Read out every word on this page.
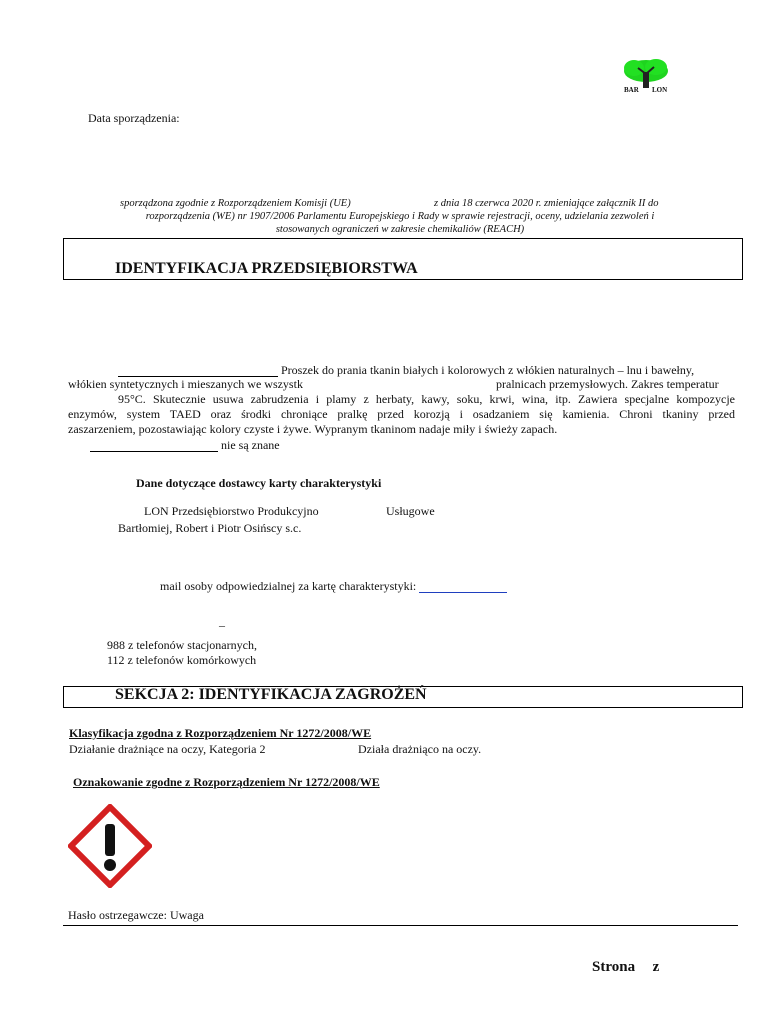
BAR LON
Data sporządzenia:
sporządzona zgodnie z Rozporządzeniem Komisji (UE)	z dnia 18 czerwca 2020 r. zmieniające załącznik II do
rozporządzenia (WE) nr 1907/2006 Parlamentu Europejskiego i Rady w sprawie rejestracji, oceny, udzielania zezwoleń i
stosowanych ograniczeń w zakresie chemikaliów (REACH)
IDENTYFIKACJA PRZEDSIĘBIORSTWA
Proszek do prania tkanin białych i kolorowych z włókien naturalnych – lnu i bawełny,
włókien syntetycznych i mieszanych we wszystk	pralnicach przemysłowych. Zakres temperatur
95°C. Skutecznie usuwa zabrudzenia i plamy z herbaty, kawy, soku, krwi, wina, itp. Zawiera specjalne kompozycje
enzymów, system TAED oraz środki chroniące pralkę przed korozją i osadzaniem się kamienia. Chroni tkaniny przed
zaszarzeniem, pozostawiając kolory czyste i żywe. Wypranym tkaninom nadaje miły i świeży zapach.
nie są znane
Dane dotyczące dostawcy karty charakterystyki
LON Przedsiębiorstwo Produkcyjno	Usługowe
Bartłomiej, Robert i Piotr Osińscy s.c.
mail osoby odpowiedzialnej za kartę charakterystyki:
–
988 z telefonów stacjonarnych,
112 z telefonów komórkowych
SEKCJA 2: IDENTYFIKACJA ZAGROŻEŃ
Klasyfikacja zgodna z Rozporządzeniem Nr 1272/2008/WE
Działanie drażniące na oczy, Kategoria 2	Działa drażniąco na oczy.
Oznakowanie zgodne z Rozporządzeniem Nr 1272/2008/WE
Hasło ostrzegawcze: Uwaga
Strona z
